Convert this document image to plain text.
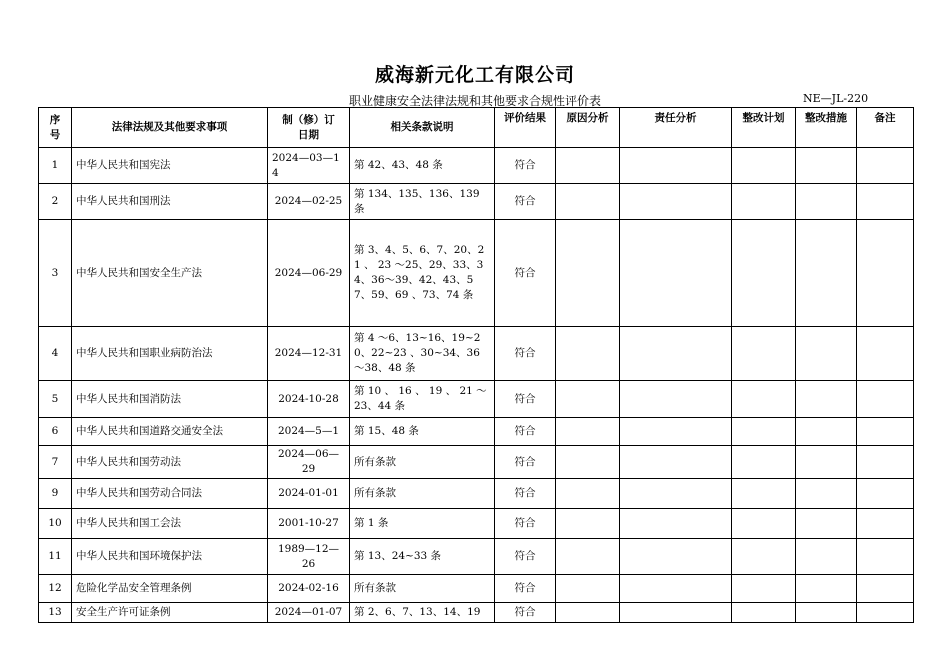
威海新元化工有限公司
职业健康安全法律法规和其他要求合规性评价表	NE—JL-220
序
号	法律法规及其他要求事项	制（修）订
日期	相关条款说明	评价结果	原因分析	责任分析	整改计划	整改措施	备注
1	中华人民共和国宪法	2024—03—14	第 42、43、48 条	符合					
2	中华人民共和国刑法	2024—02-25	第 134、135、136、139 条	符合					
3	中华人民共和国安全生产法	2024—06-29	第 3、4、5、6、7、20、21 、 23 ～25、29、33、34、36～39、42、43、57、59、69 、73、74 条	符合					
4	中华人民共和国职业病防治法	2024—12-31	第 4 ～6、13~16、19~20、22~23 、30~34、36～38、48 条	符合					
5	中华人民共和国消防法	2024-10-28	第 10 、 16 、 19 、 21 ～23、44 条	符合					
6	中华人民共和国道路交通安全法	2024—5—1	第 15、48 条	符合					
7	中华人民共和国劳动法	2024—06—29	所有条款	符合					
9	中华人民共和国劳动合同法	2024-01-01	所有条款	符合					
10	中华人民共和国工会法	2001-10-27	第 1 条	符合					
11	中华人民共和国环境保护法	1989—12—26	第 13、24~33 条	符合					
12	危险化学品安全管理条例	2024-02-16	所有条款	符合					
13	安全生产许可证条例	2024—01-07	第 2、6、7、13、14、19	符合					
